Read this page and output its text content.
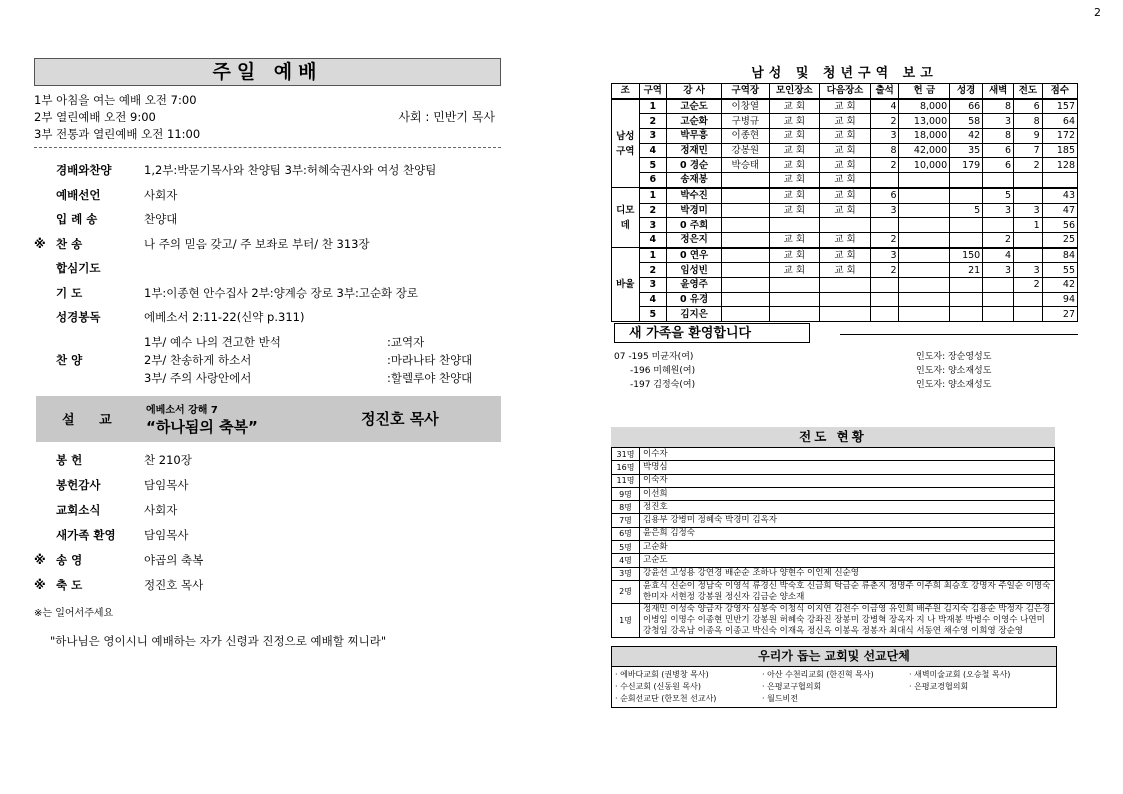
2
주일 예배
1부 아침을 여는 예배 오전 7:00
2부 열린예배 오전 9:00
3부 전통과 열린예배 오전 11:00
사회 : 민반기 목사
경배와찬양	1,2부:박문기목사와 찬양팀 3부:허혜숙권사와 여성 찬양팀
예배선언	사회자
입 례 송	찬양대
※ 찬 송	나 주의 믿음 갖고/ 주 보좌로 부터/ 찬 313장
합심기도
기 도	1부:이종현 안수집사 2부:양계승 장로 3부:고순화 장로
성경봉독	에베소서 2:11-22(신약 p.311)
찬 양
1부/ 예수 나의 견고한 반석	:교역자
2부/ 찬송하게 하소서	:마라나타 찬양대
3부/ 주의 사랑안에서	:할렐루야 찬양대
설 교
에베소서 강해 7
“하나됨의 축복”	정진호 목사
봉 헌	찬 210장
봉헌감사	담임목사
교회소식	사회자
새가족 환영	담임목사
※ 송 영	야곱의 축복
※ 축 도	정진호 목사
※는 일어서주세요
"하나님은 영이시니 예배하는 자가 신령과 진정으로 예배할 찌니라"
남성 및 청년구역 보고
조	구역	강 사	구역장	모인장소	다음장소	출석	헌 금	성경	새벽	전도	점수
남성구역	1	고순도	이창열	교 회	교 회	4	8,000	66	8	6	157
	2	고순화	구병규	교 회	교 회	2	13,000	58	3	8	64
	3	박무흥	이종현	교 회	교 회	3	18,000	42	8	9	172
	4	정재민	강봉원	교 회	교 회	8	42,000	35	6	7	185
	5	0 경순	박승태	교 회	교 회	2	10,000	179	6	2	128
	6	송재봉		교 회	교 회						
디모데	1	박수진		교 회	교 회	6			5		43
	2	박경미		교 회	교 회	3		5	3	3	47
	3	0 주희								1	56
	4	정은지		교 회	교 회	2			2		25
바울	1	0 연우		교 회	교 회	3		150	4		84
	2	임성빈		교 회	교 회	2		21	3	3	55
	3	윤영주								2	42
	4	0 유경									94
	5	김지은									27
새 가족을 환영합니다
07 -195 미균자(여)	인도자: 장순영성도
-196 미혜원(여)	인도자: 양소재성도
-197 김정숙(여)	인도자: 양소재성도
전도 현황
31명	이수자
16명	박명심
11명	이숙자
9명	이선희
8명	정진호
7명	김용부 강병미 정혜숙 박경미 김옥자
6명	윤은희 김정숙
5명	고순화
4명	고순도
3명	강윤선 고성용 강연경 배순순 조하나 양현수 이인제 신순영
2명	윤효식 신순이 정남숙 이영석 류경신 박숙호 신금희 탁금순 류춘지 정명주 이주희 최승호 강명자 주일순 이명숙 한미자 서현정 강봉원 정신자 김금순 양소재
1명	정재민 이성숙 양금자 강영자 심봉숙 이청식 이지연 김전수 이금영 유인희 배주원 김지숙 김용순 박정자 김은경 이병임 이명수 이종현 민반기 강봉원 허혜숙 강좌진 장봉미 강병혁 장옥자 지 나 박재봉 박병수 이영수 나연미 강청임 강옥남 이종옥 이종고 박신숙 이재옥 정신옥 이봉옥 정봉자 최대식 서동연 채수영 이희영 장순영
우리가 돕는 교회및 선교단체
· 에바다교회 (권병창 목사)	· 아산 수천리교회 (한진혁 목사)	· 새벽미술교회 (오승철 목사)
· 수신교회 (신동원 목사)	· 은평교구협의회	· 은평교경협의회
· 순회선교단 (한모천 선교사)	· 월드비전
